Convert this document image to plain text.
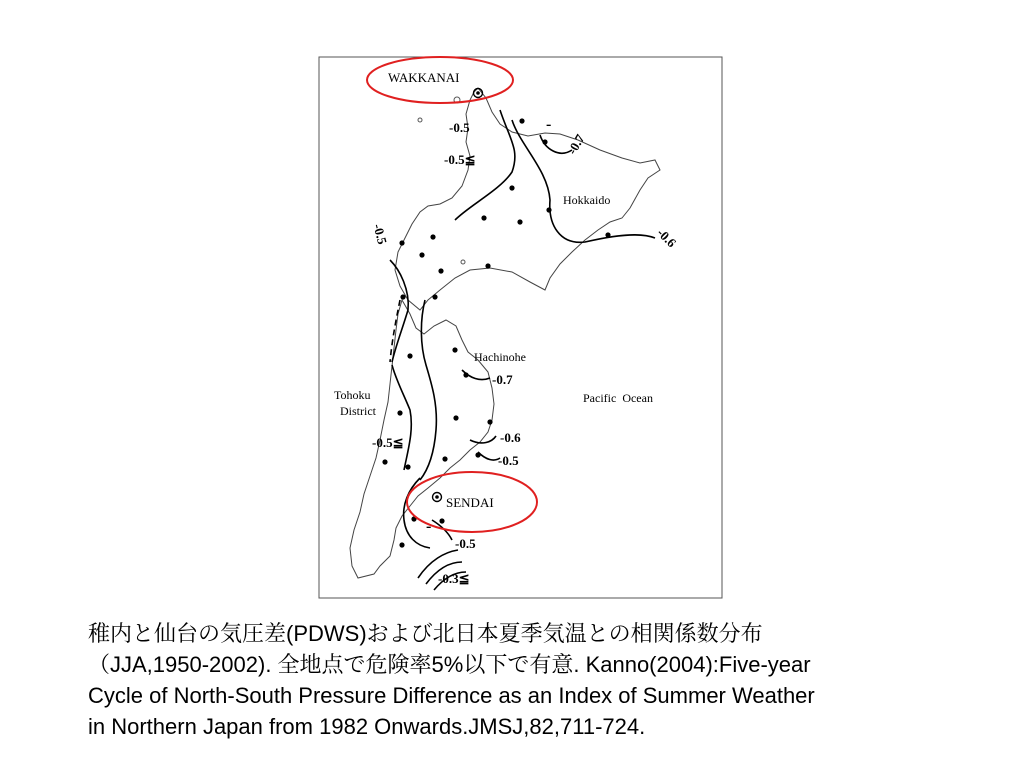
WAKKANAI
Hokkaido
Hachinohe
Pacific  Ocean
Tohoku
District
SENDAI
-0.5
-0.5≦
-0.7
-0.6
-0.5
-0.7
-0.6
-0.5
-0.5≦
-0.5
-0.3≦
-
-
稚内と仙台の気圧差(PDWS)および北日本夏季気温との相関係数分布
（JJA,1950-2002). 全地点で危険率5%以下で有意. Kanno(2004):Five-year
Cycle of North-South Pressure Difference as an Index of Summer Weather
in Northern Japan from 1982 Onwards.JMSJ,82,711-724.
